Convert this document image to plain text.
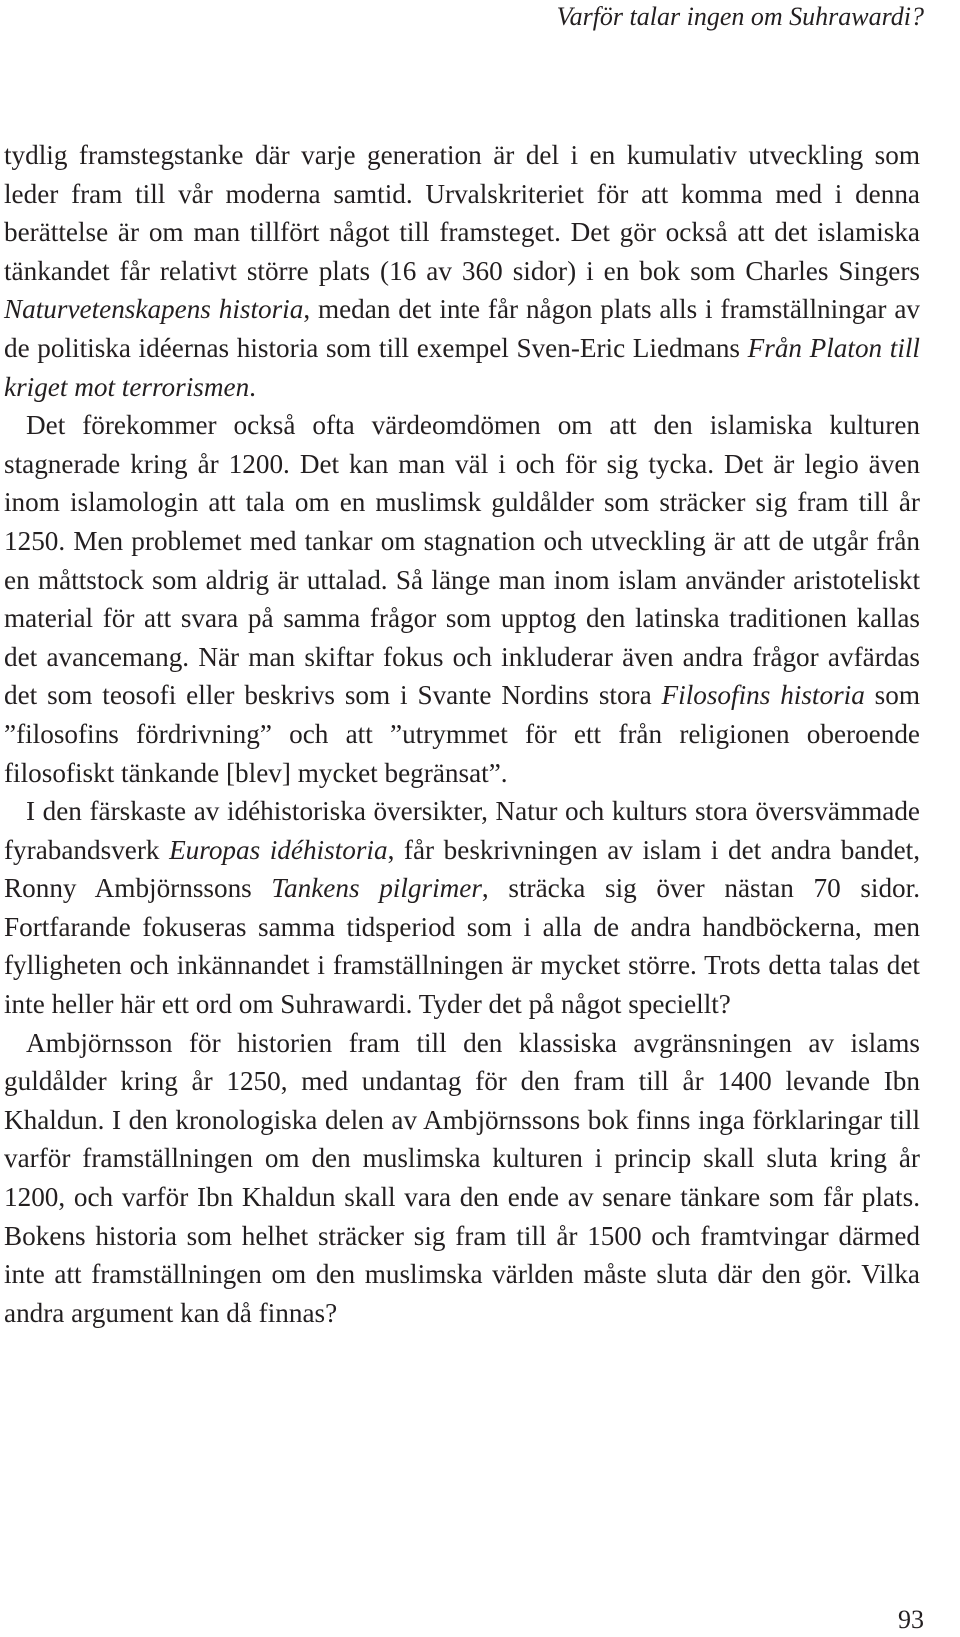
Varför talar ingen om Suhrawardi?

tydlig framstegstanke där varje generation är del i en kumulativ utveckling som leder fram till vår moderna samtid. Urvalskriteriet för att komma med i denna berättelse är om man tillfört något till framsteget. Det gör också att det islamiska tänkandet får relativt större plats (16 av 360 sidor) i en bok som Charles Singers Naturvetenskapens historia, medan det inte får någon plats alls i framställningar av de politiska idéernas historia som till exempel Sven-Eric Liedmans Från Platon till kriget mot terrorismen.

Det förekommer också ofta värdeomdömen om att den islamiska kulturen stagnerade kring år 1200. Det kan man väl i och för sig tycka. Det är legio även inom islamologin att tala om en muslimsk guldålder som sträcker sig fram till år 1250. Men problemet med tankar om stagnation och utveckling är att de utgår från en måttstock som aldrig är uttalad. Så länge man inom islam använder aristoteliskt material för att svara på samma frågor som upptog den latinska traditionen kallas det avancemang. När man skiftar fokus och inkluderar även andra frågor avfärdas det som teosofi eller beskrivs som i Svante Nordins stora Filosofins historia som ”filosofins fördrivning” och att ”utrymmet för ett från religionen oberoende filosofiskt tänkande [blev] mycket begränsat”.

I den färskaste av idéhistoriska översikter, Natur och kulturs stora översvämmade fyrabandsverk Europas idéhistoria, får beskrivningen av islam i det andra bandet, Ronny Ambjörnssons Tankens pilgrimer, sträcka sig över nästan 70 sidor. Fortfarande fokuseras samma tidsperiod som i alla de andra handböckerna, men fylligheten och inkännandet i framställningen är mycket större. Trots detta talas det inte heller här ett ord om Suhrawardi. Tyder det på något speciellt?

Ambjörnsson för historien fram till den klassiska avgränsningen av islams guldålder kring år 1250, med undantag för den fram till år 1400 levande Ibn Khaldun. I den kronologiska delen av Ambjörnssons bok finns inga förklaringar till varför framställningen om den muslimska kulturen i princip skall sluta kring år 1200, och varför Ibn Khaldun skall vara den ende av senare tänkare som får plats. Bokens historia som helhet sträcker sig fram till år 1500 och framtvingar därmed inte att framställningen om den muslimska världen måste sluta där den gör. Vilka andra argument kan då finnas?

93
